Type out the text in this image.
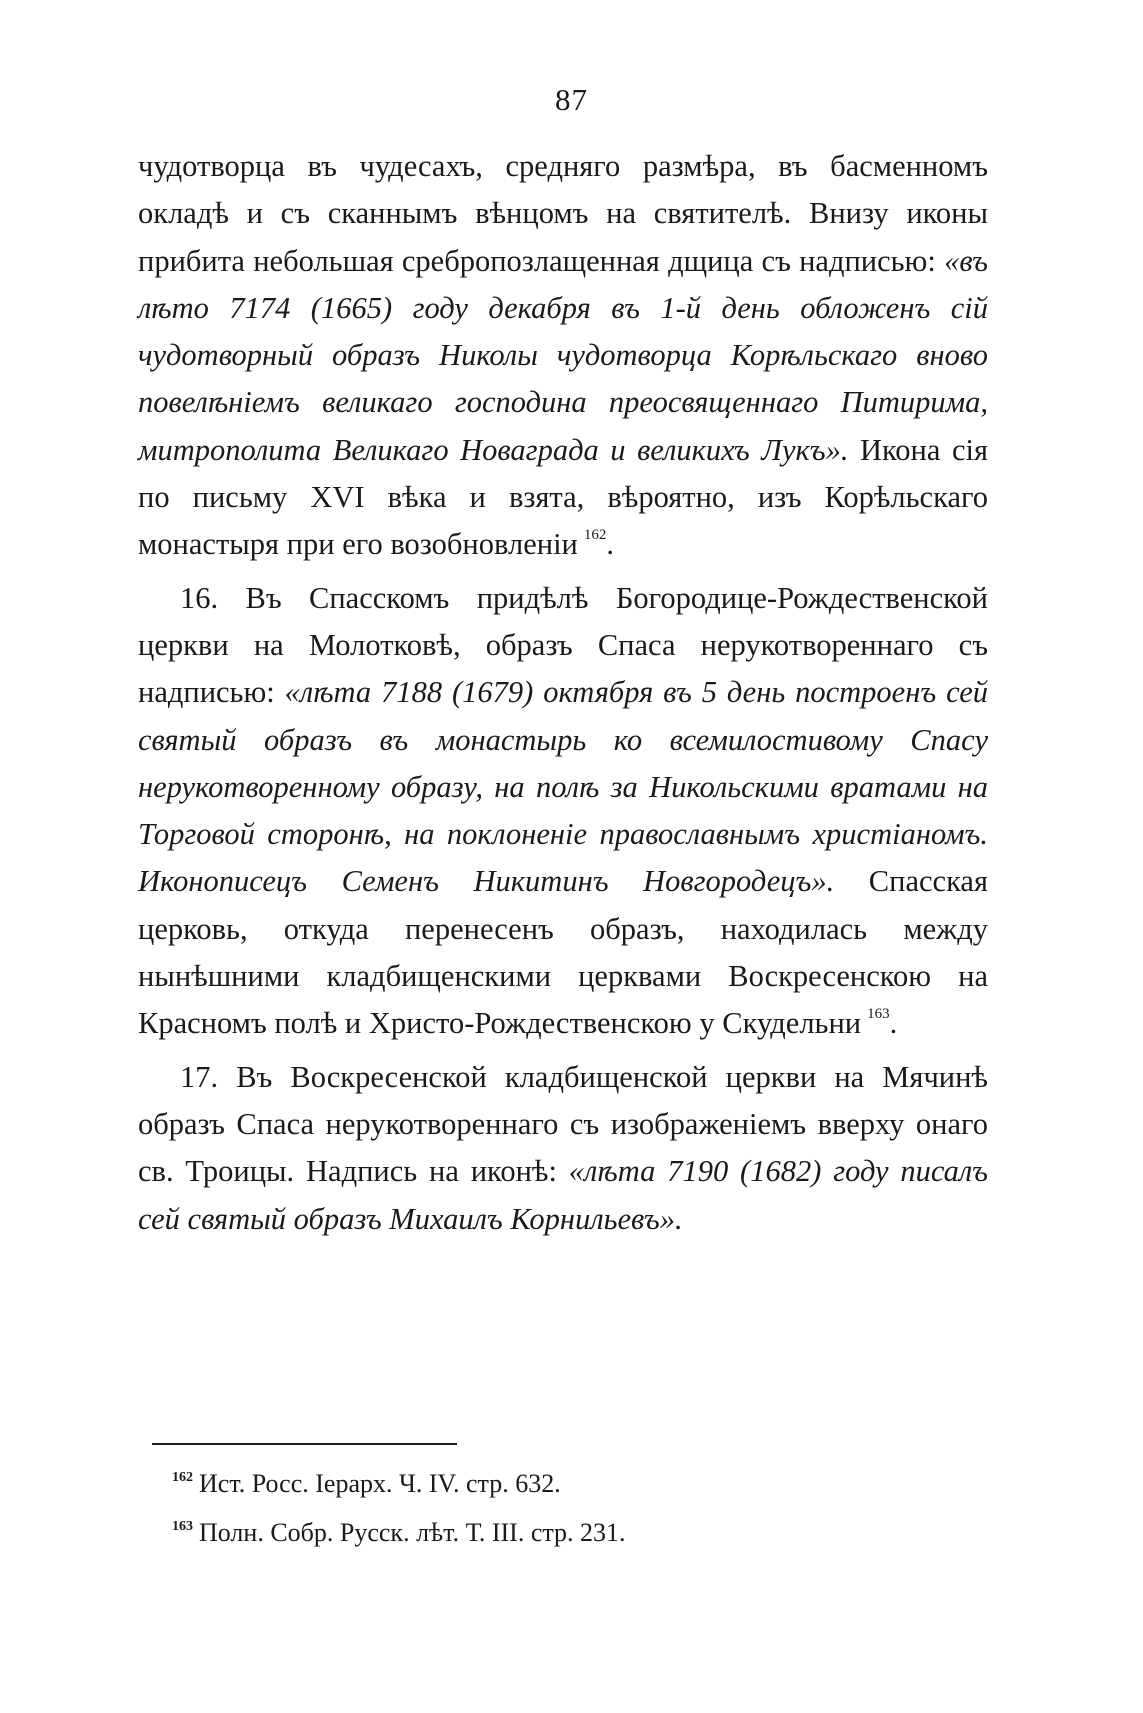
87

чудотворца въ чудесахъ, средняго размѣра, въ басменномъ окладѣ и съ сканнымъ вѣнцомъ на святителѣ. Внизу иконы прибита небольшая сребропозлащенная дщица съ надписью: «въ лѣто 7174 (1665) году декабря въ 1-й день обложенъ сій чудотворный образъ Николы чудотворца Корѣльскаго вново повелѣніемъ великаго господина преосвященнаго Питирима, митрополита Великаго Новаграда и великихъ Лукъ». Икона сія по письму XVI вѣка и взята, вѣроятно, изъ Корѣльскаго монастыря при его возобновленіи $^{162}$.

16. Въ Спасскомъ придѣлѣ Богородице-Рождественской церкви на Молотковѣ, образъ Спаса нерукотвореннаго съ надписью: «лѣта 7188 (1679) октября въ 5 день построенъ сей святый образъ въ монастырь ко всемилостивому Спасу нерукотворенному образу, на полѣ за Никольскими вратами на Торговой сторонѣ, на поклоненіе православнымъ христіаномъ. Иконописецъ Семенъ Никитинъ Новгородецъ». Спасская церковь, откуда перенесенъ образъ, находилась между нынѣшними кладбищенскими церквами Воскресенскою на Красномъ полѣ и Христо-Рождественскою у Скудельни $^{163}$.

17. Въ Воскресенской кладбищенской церкви на Мячинѣ образъ Спаса нерукотвореннаго съ изображеніемъ вверху онаго св. Троицы. Надпись на иконѣ: «лѣта 7190 (1682) году писалъ сей святый образъ Михаилъ Корнильевъ».

$^{162}$ Ист. Росс. Іерарх. Ч. IV. стр. 632.
$^{163}$ Полн. Собр. Русск. лѣт. Т. III. стр. 231.
